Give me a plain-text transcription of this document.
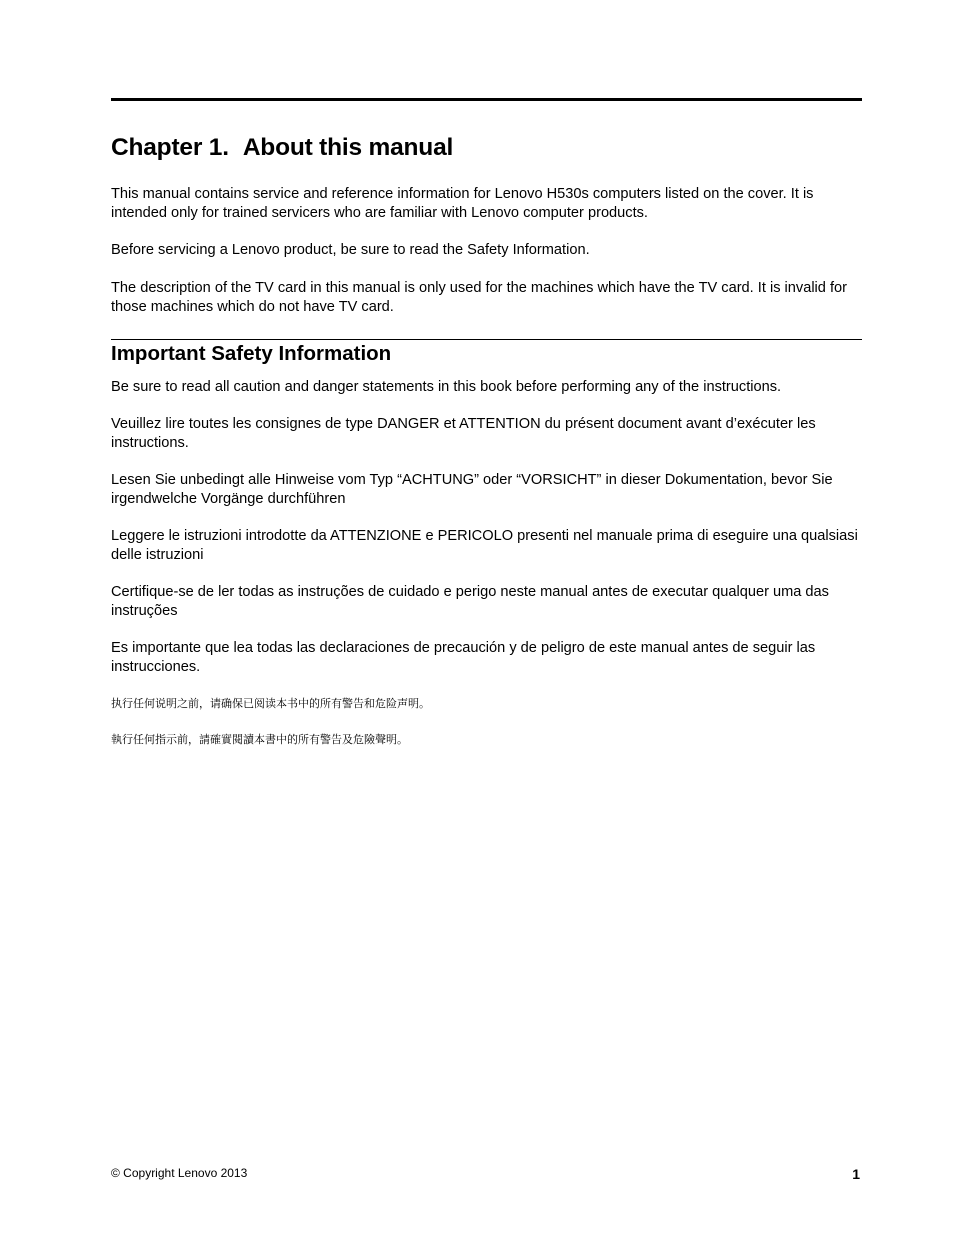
Chapter 1. About this manual

This manual contains service and reference information for Lenovo H530s computers listed on the cover. It is intended only for trained servicers who are familiar with Lenovo computer products.

Before servicing a Lenovo product, be sure to read the Safety Information.

The description of the TV card in this manual is only used for the machines which have the TV card. It is invalid for those machines which do not have TV card.

Important Safety Information

Be sure to read all caution and danger statements in this book before performing any of the instructions.

Veuillez lire toutes les consignes de type DANGER et ATTENTION du présent document avant d’exécuter les instructions.

Lesen Sie unbedingt alle Hinweise vom Typ “ACHTUNG” oder “VORSICHT” in dieser Dokumentation, bevor Sie irgendwelche Vorgänge durchführen

Leggere le istruzioni introdotte da ATTENZIONE e PERICOLO presenti nel manuale prima di eseguire una qualsiasi delle istruzioni

Certifique-se de ler todas as instruções de cuidado e perigo neste manual antes de executar qualquer uma das instruções

Es importante que lea todas las declaraciones de precaución y de peligro de este manual antes de seguir las instrucciones.

执行任何说明之前，请确保已阅读本书中的所有警告和危险声明。

執行任何指示前，請確實閱讀本書中的所有警告及危險聲明。

© Copyright Lenovo 2013	1
